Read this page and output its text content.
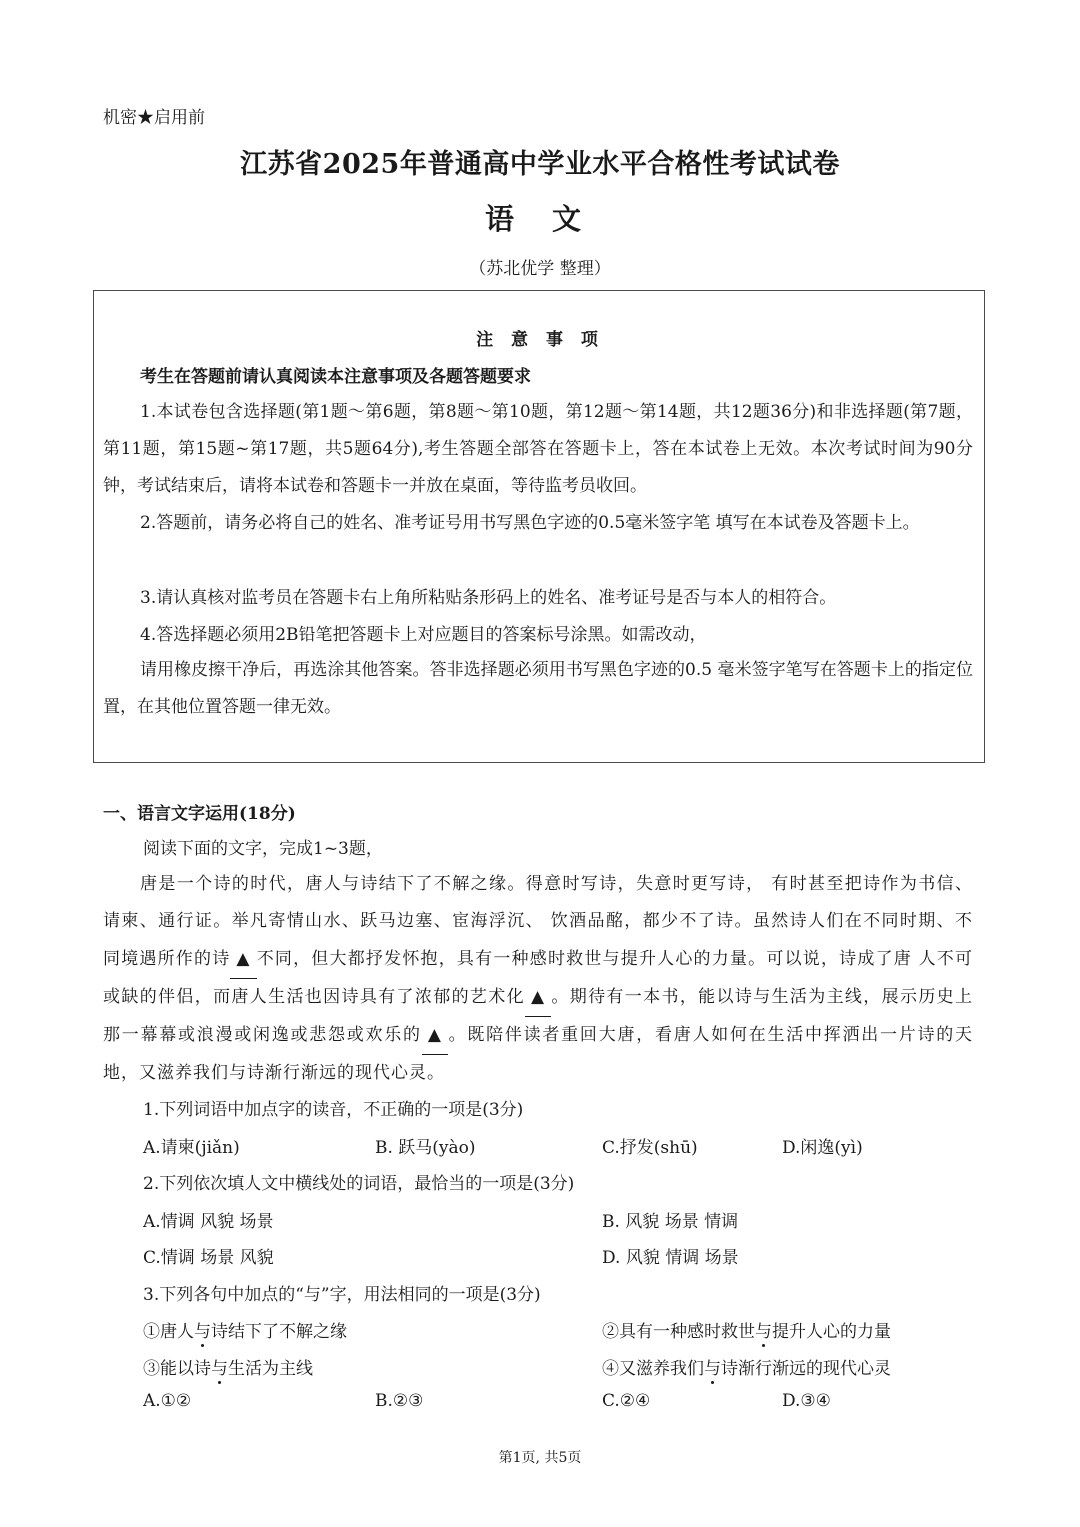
机密★启用前
江苏省2025年普通高中学业水平合格性考试试卷
语 文
（苏北优学 整理）
注 意 事 项
考生在答题前请认真阅读本注意事项及各题答题要求
1.本试卷包含选择题(第1题～第6题，第8题～第10题，第12题～第14题，共12题36分)和非选择题(第7题，第11题，第15题~第17题，共5题64分),考生答题全部答在答题卡上，答在本试卷上无效。本次考试时间为90分钟，考试结束后，请将本试卷和答题卡一并放在桌面，等待监考员收回。
2.答题前，请务必将自己的姓名、准考证号用书写黑色字迹的0.5毫米签字笔 填写在本试卷及答题卡上。
3.请认真核对监考员在答题卡右上角所粘贴条形码上的姓名、准考证号是否与本人的相符合。
4.答选择题必须用2B铅笔把答题卡上对应题目的答案标号涂黑。如需改动，
请用橡皮擦干净后，再选涂其他答案。答非选择题必须用书写黑色字迹的0.5 毫米签字笔写在答题卡上的指定位置，在其他位置答题一律无效。
一、语言文字运用(18分)
阅读下面的文字，完成1~3题，
唐是一个诗的时代，唐人与诗结下了不解之缘。得意时写诗，失意时更写诗， 有时甚至把诗作为书信、请柬、通行证。举凡寄情山水、跃马边塞、宦海浮沉、 饮酒品酩，都少不了诗。虽然诗人们在不同时期、不同境遇所作的诗 ▲ 不同，但大都抒发怀抱，具有一种感时救世与提升人心的力量。可以说，诗成了唐 人不可或缺的伴侣，而唐人生活也因诗具有了浓郁的艺术化 ▲ 。期待有一本书，能以诗与生活为主线，展示历史上那一幕幕或浪漫或闲逸或悲怨或欢乐的 ▲ 。既陪伴读者重回大唐，看唐人如何在生活中挥洒出一片诗的天地，又滋养我们与诗渐行渐远的现代心灵。
1.下列词语中加点字的读音，不正确的一项是(3分)
A.请柬(jiǎn)	B. 跃马(yào)	C.抒发(shū)	D.闲逸(yì)
2.下列依次填人文中横线处的词语，最恰当的一项是(3分)
A.情调 风貌 场景	B. 风貌 场景 情调
C.情调 场景 风貌	D. 风貌 情调 场景
3.下列各句中加点的“与”字，用法相同的一项是(3分)
①唐人与诗结下了不解之缘	②具有一种感时救世与提升人心的力量
③能以诗与生活为主线	④又滋养我们与诗渐行渐远的现代心灵
A.①②	B.②③	C.②④	D.③④
第1页, 共5页
